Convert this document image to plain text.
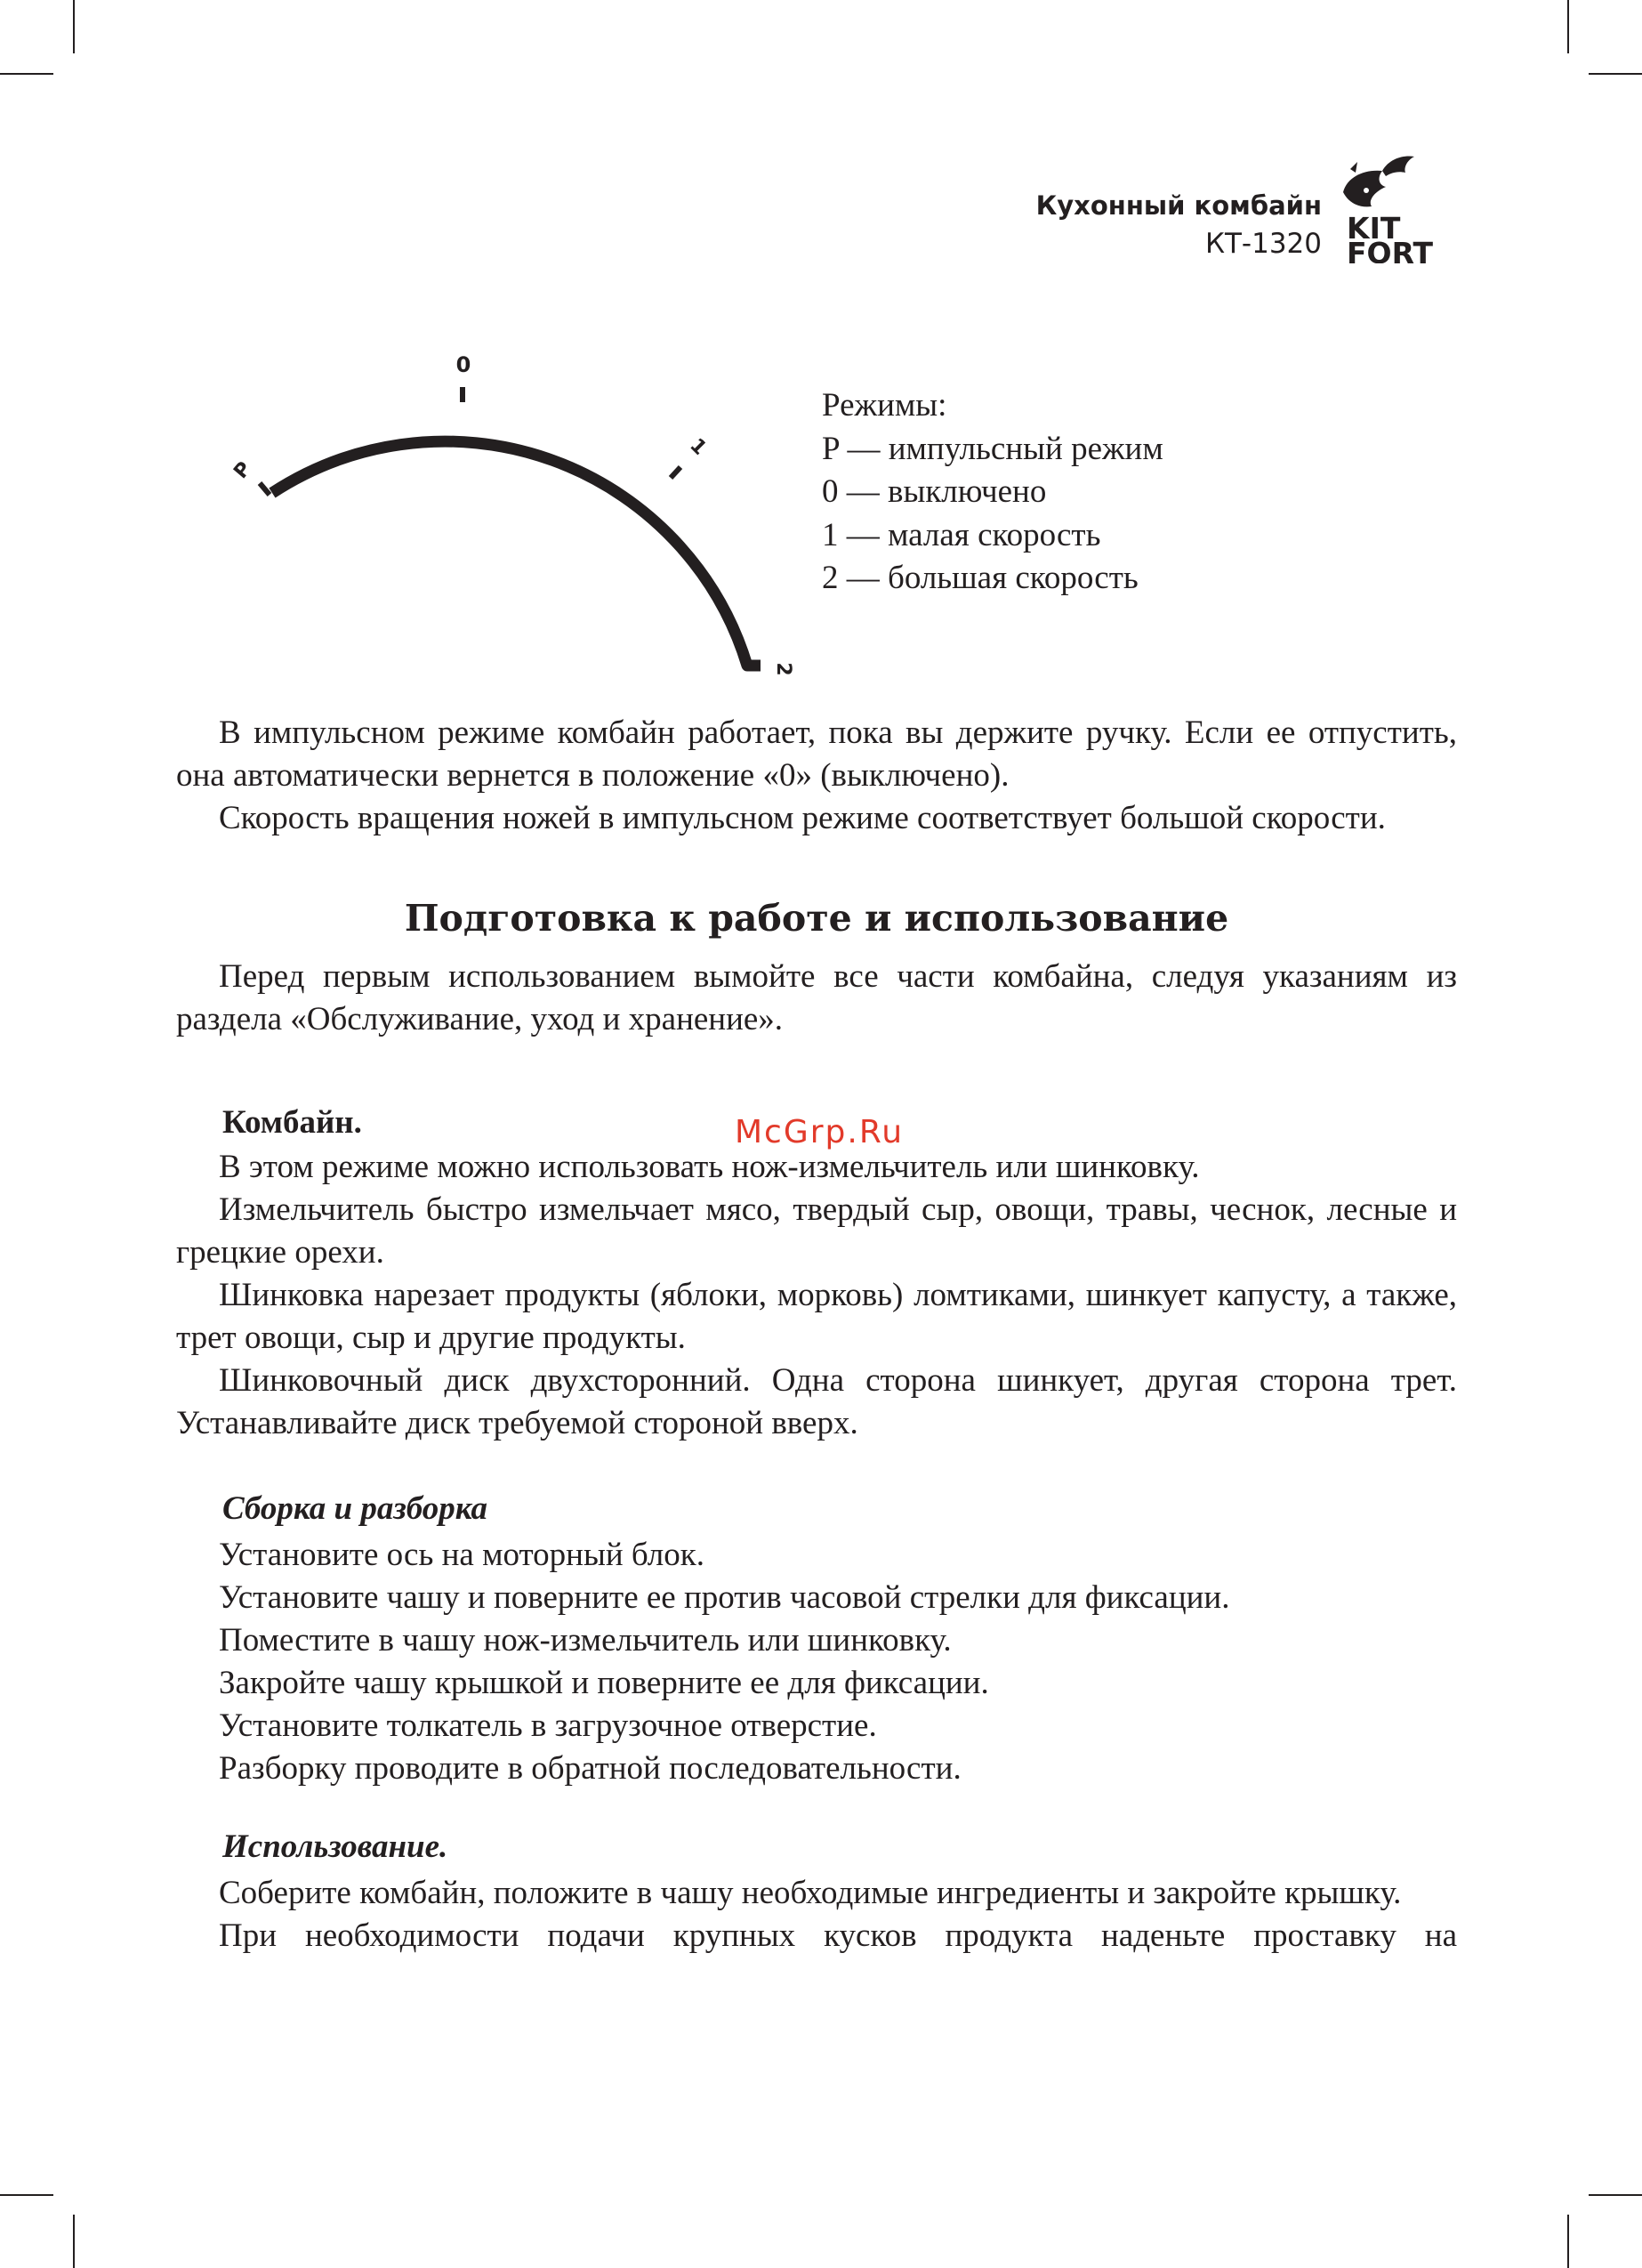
Кухонный комбайн
КТ-1320 KIT
FORT
P
0
1
2
Режимы:
P — импульсный режим
0 — выключено
1 — малая скорость
2 — большая скорость
В импульсном режиме комбайн работает, пока вы держите ручку. Если ее отпустить, она автоматически вернется в положение «0» (выключено).
Скорость вращения ножей в импульсном режиме соответствует большой скорости.
Подготовка к работе и использование
Перед первым использованием вымойте все части комбайна, следуя указаниям из раздела «Обслуживание, уход и хранение».
McGrp.Ru
Комбайн.
В этом режиме можно использовать нож-измельчитель или шинковку.
Измельчитель быстро измельчает мясо, твердый сыр, овощи, травы, чеснок, лесные и грецкие орехи.
Шинковка нарезает продукты (яблоки, морковь) ломтиками, шинкует капусту, а также, трет овощи, сыр и другие продукты.
Шинковочный диск двухсторонний. Одна сторона шинкует, другая сторона трет. Устанавливайте диск требуемой стороной вверх.
Сборка и разборка
Установите ось на моторный блок.
Установите чашу и поверните ее против часовой стрелки для фиксации.
Поместите в чашу нож-измельчитель или шинковку.
Закройте чашу крышкой и поверните ее для фиксации.
Установите толкатель в загрузочное отверстие.
Разборку проводите в обратной последовательности.
Использование.
Соберите комбайн, положите в чашу необходимые ингредиенты и закройте крышку.
При необходимости подачи крупных кусков продукта наденьте проставку на
